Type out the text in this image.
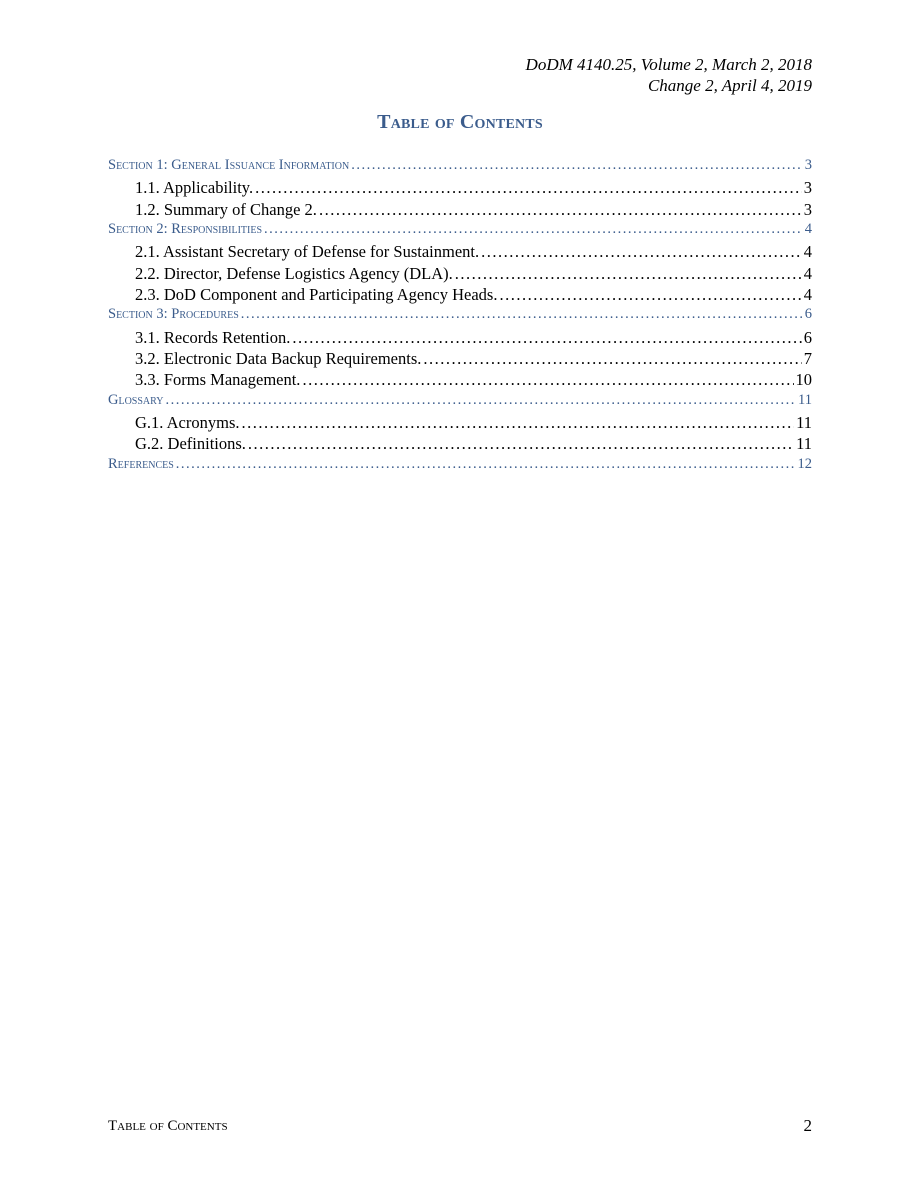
DoDM 4140.25, Volume 2, March 2, 2018
Change 2, April 4, 2019
Table of Contents
Section 1: General Issuance Information .....	3
1.1. Applicability. .....	3
1.2. Summary of Change 2. .....	3
Section 2: Responsibilities .....	4
2.1. Assistant Secretary of Defense for Sustainment. .....	4
2.2. Director, Defense Logistics Agency (DLA). .....	4
2.3. DoD Component and Participating Agency Heads. .....	4
Section 3: Procedures .....	6
3.1. Records Retention. .....	6
3.2. Electronic Data Backup Requirements. .....	7
3.3. Forms Management. .....	10
Glossary .....	11
G.1. Acronyms. .....	11
G.2. Definitions. .....	11
References .....	12
Table of Contents	2
